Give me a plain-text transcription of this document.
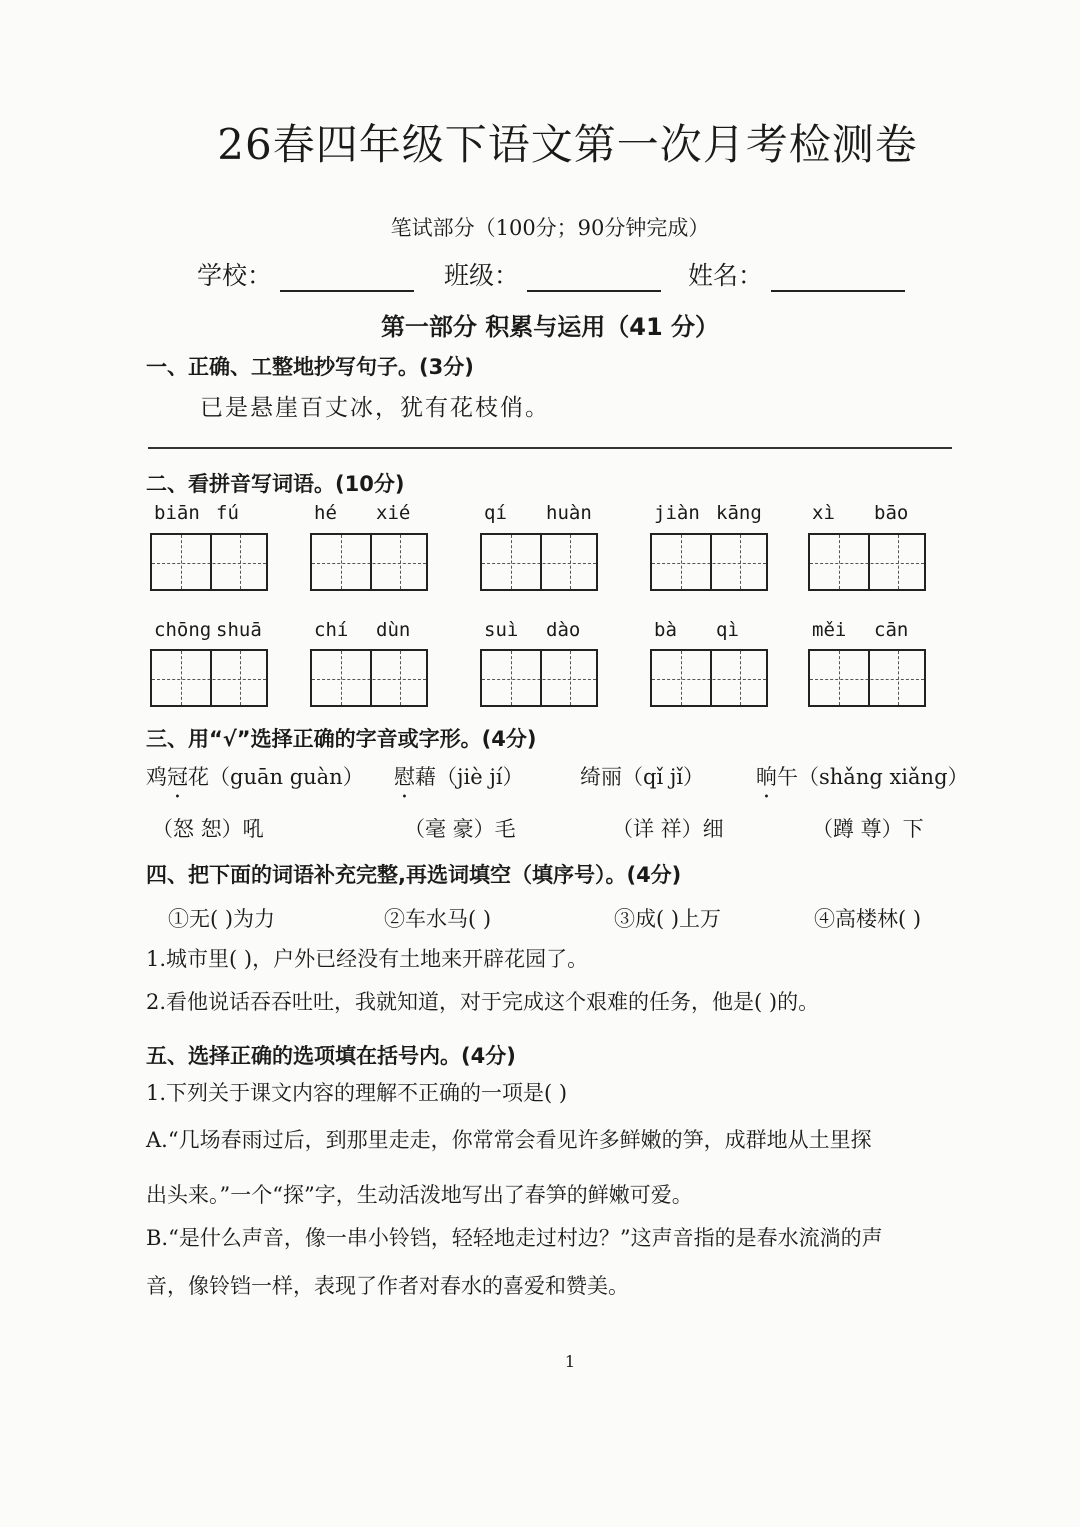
26春四年级下语文第一次月考检测卷
笔试部分（100分；90分钟完成）
学校：	班级：	姓名：
第一部分 积累与运用（41 分）
一、正确、工整地抄写句子。(3分)
已是悬崖百丈冰，犹有花枝俏。
二、看拼音写词语。(10分)
biān fú	hé xié	qí huàn	jiàn kāng	xì bāo
chōng shuā	chí dùn	suì dào	bà qì	měi cān
三、用“√”选择正确的字音或字形。(4分)
鸡冠花（guān guàn） 慰藉（jiè jí）	绮丽（qǐ jǐ） 晌午（shǎng xiǎng）
（怒 恕）吼	（毫 豪）毛	（详 祥）细	（蹲 尊）下
四、把下面的词语补充完整,再选词填空（填序号）。(4分)
①无( )为力	②车水马( )	③成( )上万	④高楼林( )
1.城市里( )，户外已经没有土地来开辟花园了。
2.看他说话吞吞吐吐，我就知道，对于完成这个艰难的任务，他是( )的。
五、选择正确的选项填在括号内。(4分)
1.下列关于课文内容的理解不正确的一项是( )
A.“几场春雨过后，到那里走走，你常常会看见许多鲜嫩的笋，成群地从土里探
出头来。”一个“探”字，生动活泼地写出了春笋的鲜嫩可爱。
B.“是什么声音，像一串小铃铛，轻轻地走过村边？”这声音指的是春水流淌的声
音，像铃铛一样，表现了作者对春水的喜爱和赞美。
1
